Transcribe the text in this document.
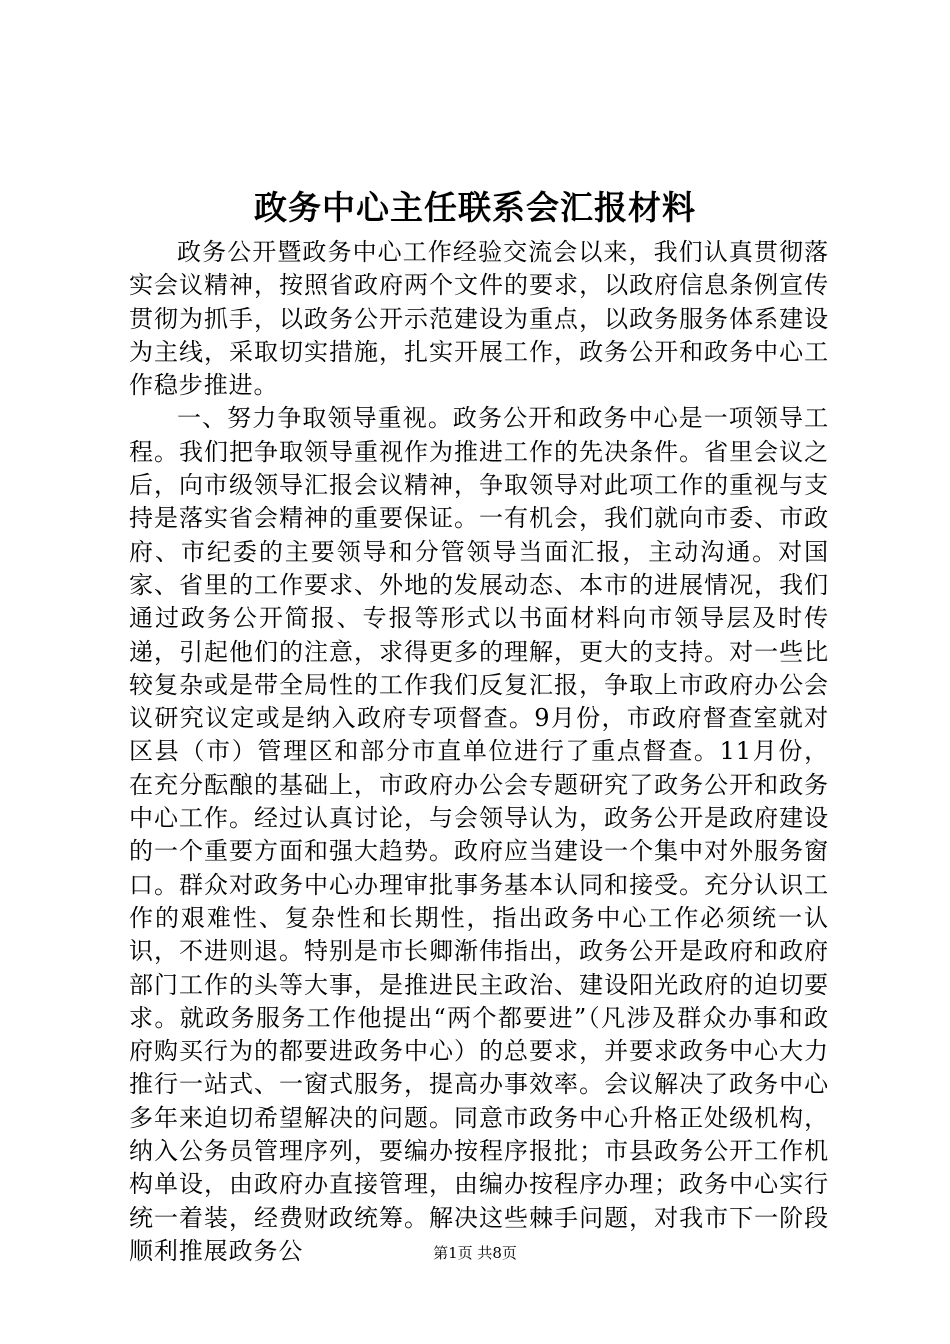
政务中心主任联系会汇报材料

政务公开暨政务中心工作经验交流会以来，我们认真贯彻落实会议精神，按照省政府两个文件的要求，以政府信息条例宣传贯彻为抓手，以政务公开示范建设为重点，以政务服务体系建设为主线，采取切实措施，扎实开展工作，政务公开和政务中心工作稳步推进。

一、努力争取领导重视。政务公开和政务中心是一项领导工程。我们把争取领导重视作为推进工作的先决条件。省里会议之后，向市级领导汇报会议精神，争取领导对此项工作的重视与支持是落实省会精神的重要保证。一有机会，我们就向市委、市政府、市纪委的主要领导和分管领导当面汇报，主动沟通。对国家、省里的工作要求、外地的发展动态、本市的进展情况，我们通过政务公开简报、专报等形式以书面材料向市领导层及时传递，引起他们的注意，求得更多的理解，更大的支持。对一些比较复杂或是带全局性的工作我们反复汇报，争取上市政府办公会议研究议定或是纳入政府专项督查。9月份，市政府督查室就对区县（市）管理区和部分市直单位进行了重点督查。11月份，在充分酝酿的基础上，市政府办公会专题研究了政务公开和政务中心工作。经过认真讨论，与会领导认为，政务公开是政府建设的一个重要方面和强大趋势。政府应当建设一个集中对外服务窗口。群众对政务中心办理审批事务基本认同和接受。充分认识工作的艰难性、复杂性和长期性，指出政务中心工作必须统一认识，不进则退。特别是市长卿渐伟指出，政务公开是政府和政府部门工作的头等大事，是推进民主政治、建设阳光政府的迫切要求。就政务服务工作他提出“两个都要进”（凡涉及群众办事和政府购买行为的都要进政务中心）的总要求，并要求政务中心大力推行一站式、一窗式服务，提高办事效率。会议解决了政务中心多年来迫切希望解决的问题。同意市政务中心升格正处级机构，纳入公务员管理序列，要编办按程序报批；市县政务公开工作机构单设，由政府办直接管理，由编办按程序办理；政务中心实行统一着装，经费财政统筹。解决这些棘手问题，对我市下一阶段顺利推展政务公	第1页 共8页
